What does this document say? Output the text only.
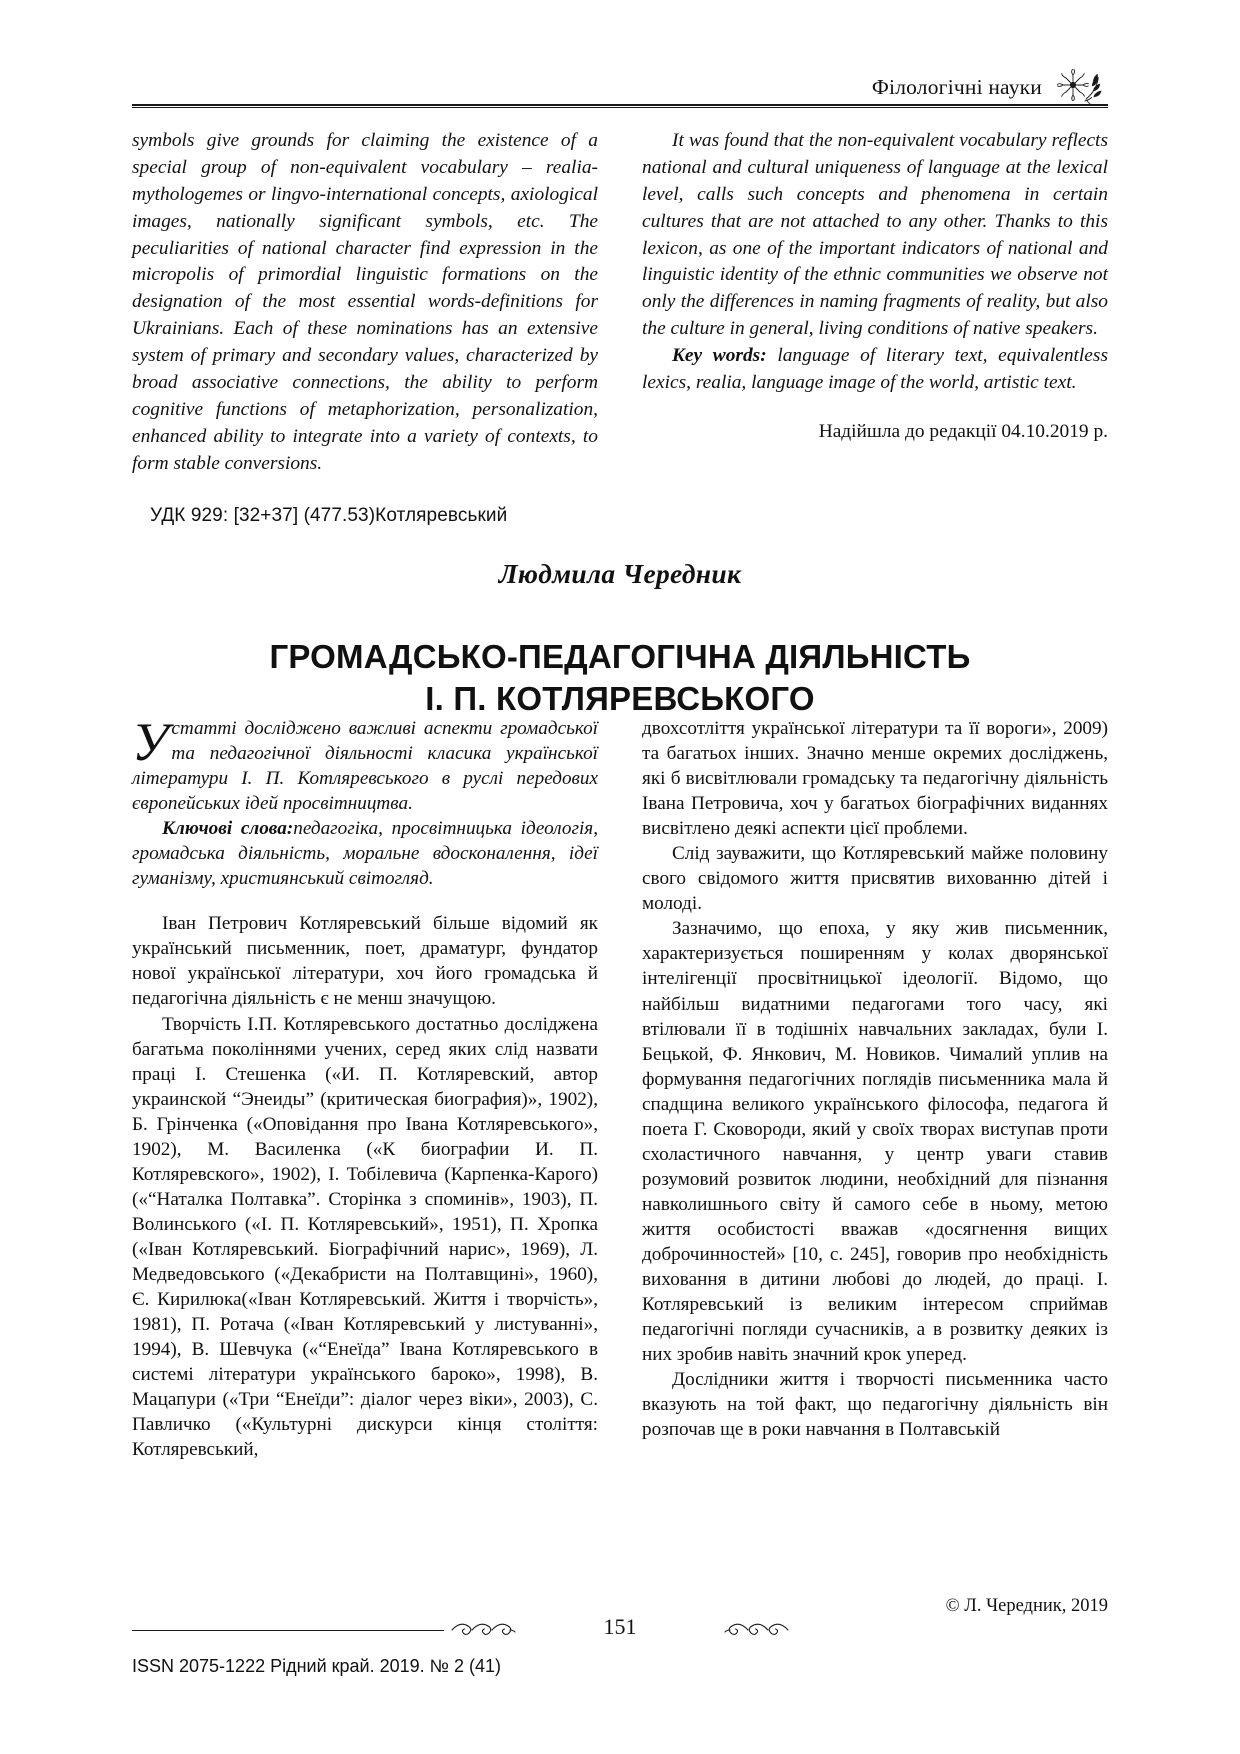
Філологічні науки

symbols give grounds for claiming the existence of a special group of non-equivalent vocabulary – realia-mythologemes or lingvo-international concepts, axiological images, nationally significant symbols, etc. The peculiarities of national character find expression in the micropolis of primordial linguistic formations on the designation of the most essential words-definitions for Ukrainians. Each of these nominations has an extensive system of primary and secondary values, characterized by broad associative connections, the ability to perform cognitive functions of metaphorization, personalization, enhanced ability to integrate into a variety of contexts, to form stable conversions.

It was found that the non-equivalent vocabulary reflects national and cultural uniqueness of language at the lexical level, calls such concepts and phenomena in certain cultures that are not attached to any other. Thanks to this lexicon, as one of the important indicators of national and linguistic identity of the ethnic communities we observe not only the differences in naming fragments of reality, but also the culture in general, living conditions of native speakers.

Key words: language of literary text, equivalentless lexics, realia, language image of the world, artistic text.

Надійшла до редакції 04.10.2019 р.

УДК 929: [32+37] (477.53)Котляревський
Людмила Чередник
ГРОМАДСЬКО-ПЕДАГОГІЧНА ДІЯЛЬНІСТЬ
І. П. КОТЛЯРЕВСЬКОГО

Устатті досліджено важливі аспекти громадської та педагогічної діяльності класика української літератури І. П. Котляревського в руслі передових європейських ідей просвітництва.

Ключові слова:педагогіка, просвітницька ідеологія, громадська діяльність, моральне вдосконалення, ідеї гуманізму, християнський світогляд.

Іван Петрович Котляревський більше відомий як український письменник, поет, драматург, фундатор нової української літератури, хоч його громадська й педагогічна діяльність є не менш значущою.

Творчість І.П. Котляревського достатньо досліджена багатьма поколіннями учених, серед яких слід назвати праці І. Стешенка («И. П. Котляревский, автор украинской “Энеиды” (критическая биография)», 1902), Б. Грінченка («Оповідання про Івана Котляревського», 1902), М. Василенка («К биографии И. П. Котляревского», 1902), І. Тобілевича (Карпенка-Карого) («“Наталка Полтавка”. Сторінка з споминів», 1903), П. Волинського («І. П. Котляревський», 1951), П. Хропка («Іван Котляревський. Біографічний нарис», 1969), Л. Медведовського («Декабристи на Полтавщині», 1960), Є. Кирилюка(«Іван Котляревський. Життя і творчість», 1981), П. Ротача («Іван Котляревський у листуванні», 1994), В. Шевчука («“Енеїда” Івана Котляревського в системі літератури українського бароко», 1998), В. Мацапури («Три “Енеїди”: діалог через віки», 2003), С. Павличко («Культурні дискурси кінця століття: Котляревський,

двохсотліття української літератури та її вороги», 2009) та багатьох інших. Значно менше окремих досліджень, які б висвітлювали громадську та педагогічну діяльність Івана Петровича, хоч у багатьох біографічних виданнях висвітлено деякі аспекти цієї проблеми.

Слід зауважити, що Котляревський майже половину свого свідомого життя присвятив вихованню дітей і молоді.

Зазначимо, що епоха, у яку жив письменник, характеризується поширенням у колах дворянської інтелігенції просвітницької ідеології. Відомо, що найбільш видатними педагогами того часу, які втілювали її в тодішніх навчальних закладах, були І. Бецькой, Ф. Янкович, М. Новиков. Чималий уплив на формування педагогічних поглядів письменника мала й спадщина великого українського філософа, педагога й поета Г. Сковороди, який у своїх творах виступав проти схоластичного навчання, у центр уваги ставив розумовий розвиток людини, необхідний для пізнання навколишнього світу й самого себе в ньому, метою життя особистості вважав «досягнення вищих доброчинностей» [10, с. 245], говорив про необхідність виховання в дитини любові до людей, до праці. І. Котляревський із великим інтересом сприймав педагогічні погляди сучасників, а в розвитку деяких із них зробив навіть значний крок уперед.

Дослідники життя і творчості письменника часто вказують на той факт, що педагогічну діяльність він розпочав ще в роки навчання в Полтавській

© Л. Чередник, 2019
151
ISSN 2075-1222 Рідний край. 2019. № 2 (41)
